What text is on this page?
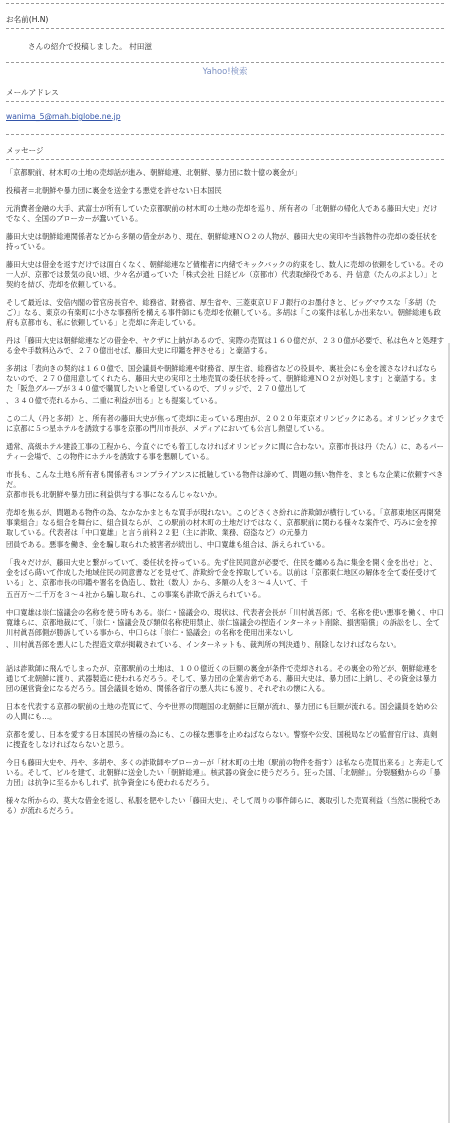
お名前(H.N)
さんの紹介で投稿しました。 村田滋
Yahoo!検索
メールアドレス
wanima_5@mah.biglobe.ne.jp
メッセージ

「京都駅前、材木町の土地の売却話が進み、朝鮮総連、北朝鮮、暴力団に数十億の裏金が」

投稿者＝北朝鮮や暴力団に裏金を送金する悪党を許せない日本国民

元消費者金融の大手、武富士が所有していた京都駅前の材木町の土地の売却を巡り、所有者の「北朝鮮の帰化人である藤田大史」だけでなく、全国のブローカーが蠢いている。

藤田大史は朝鮮総連関係者などから多額の借金があり、現在、朝鮮総連ＮＯ２の人物が、藤田大史の実印や当該物件の売却の委任状を持っている。

藤田大史は借金を返すだけでは面白くなく、朝鮮総連など債権者に内緒でキックバックの約束をし、数人に売却の依頼をしている。その一人が、京都では景気の良い頃、少々名が通っていた「株式会社 日経ビル（京都市）代表取締役である、丹 信意（たんのぶよし）」と契約を結び、売却を依頼している。

そして最近は、安倍内閣の菅官房長官や、総務省、財務省、厚生省や、三菱東京ＵＦＪ銀行のお墨付きと、ビッグマウスな「多胡（たご）」なる、東京の有楽町に小さな事務所を構える事件師にも売却を依頼している。多胡は「この案件は私しか出来ない。朝鮮総連も政府も京都市も、私に依頼している」と売却に奔走している。

丹は「藤田大史は朝鮮総連などの借金や、ヤクザに上納があるので、実際の売買は１６０億だが、２３０億が必要で、私は色々と処理する金や手数料込みで、２７０億出せば、藤田大史に印鑑を押させる」と豪語する。

多胡は「表向きの契約は１６０億で、国会議員や朝鮮総連や財務省、厚生省、総務省などの役員や、裏社会にも金を渡さなければならないので、２７０億用意してくれたら、藤田大史の実印と土地売買の委任状を持って、朝鮮総連ＮＯ２が対処します」と豪語する。また「阪急グループが３４０億で購買したいと希望しているので、ブリッジで、２７０億出して

、３４０億で売れるから、二重に利益が出る」とも提案している。

この二人（丹と多胡）と、所有者の藤田大史が焦って売却に走っている理由が、２０２０年東京オリンピックにある。オリンピックまでに京都に５つ星ホテルを誘致する事を京都の門川市長が、メディアにおいても公言し熱望している。

通常、高級ホテル建設工事の工程から、今直ぐにでも着工しなければオリンピックに間に合わない。京都市長は丹（たん）に、あるパーティー会場で、この物件にホテルを誘致する事を懇願している。

市長も、こんな土地も所有者も関係者もコンプライアンスに抵触している物件は諦めて、問題の無い物件を、まともな企業に依頼すべきだ。

京都市長も北朝鮮や暴力団に利益供与する事になるんじゃないか。

売却を焦るが、問題ある物件の為、なかなかまともな買手が現れない。このどさくさ紛れに詐欺師が横行している。「京都東地区再開発事業組合」なる組合を舞台に、組合員ならが、この駅前の材木町の土地だけではなく、京都駅前に関わる様々な案件で、巧みに金を搾取している。代表者は「中口寛雄」と言う前科２２犯（主に詐欺、業務、窃盗など）の元暴力

団員である。悪事を働き、金を騙し取られた被害者が続出し、中口寛雄も組合は、訴えられている。

「我々だけが、藤田大史と繋がっていて、委任状を持っている。先ず住民同意が必要で、住民を纏める為に集金を開く金を出せ」と、金をばら蒔いて作成した地域住民の同意書などを見せて、詐欺紛で金を搾取している。以前は「京都東仁地区の解体を全て委任受けている」と、京都市長の印鑑や署名を偽造し、数社（数人）から、多額の人を３～４人いて、千

五百万～二千万を３～４社から騙し取られ、この事案も詐欺で訴えられている。

中口寛雄は崇仁協議会の名称を使う時もある。崇仁・協議会の、現状は、代表者会長が「川村眞吾郎」で、名称を使い悪事を働く、中口寛雄らに、京都地裁にて、「崇仁・協議会及び類似名称使用禁止、崇仁協議会の捏造インターネット削除、損害賠償」の訴訟をし、全て川村眞吾郎側が勝訴している事から、中口らは「崇仁・協議会」の名称を使用出来ないし

、川村眞吾郎を悪人にした捏造文章が掲載されている、インターネットも、裁判所の判決通り、削除しなければならない。

話は詐欺師に飛んでしまったが、京都駅前の土地は、１００億近くの巨額の裏金が条件で売却される。その裏金の殆どが、朝鮮総連を通じて北朝鮮に渡り、武器製造に使われるだろう。そして、暴力団の企業舎弟である、藤田大史は、暴力団に上納し、その資金は暴力団の運営資金になるだろう。国会議員を始め、関係各省庁の悪人共にも渡り、それぞれの懐に入る。

日本を代表する京都の駅前の土地の売買にて、今や世界の問題国の北朝鮮に巨額が流れ、暴力団にも巨額が流れる。国会議員を始め公の人間にも…。

京都を愛し、日本を愛する日本国民の皆様の為にも、この様な悪事を止めねばならない。警察や公安、国税局などの監督官庁は、真剣に捜査をしなければならないと思う。

今日も藤田大史や、丹や、多胡や、多くの詐欺師やブローカーが「材木町の土地（駅前の物件を指す）は私なら売買出来る」と奔走している。そして、ビルを建て、北朝鮮に送金したい「朝鮮総連」。核武器の資金に使うだろう。狂った国、「北朝鮮」。分裂騒動からの「暴力団」は抗争に至るかもしれず、抗争資金にも使われるだろう。

様々な所からの、莫大な借金を返し、私服を肥やしたい「藤田大史」、そして周りの事件師らに、裏取引した売買利益（当然に脱税である）が流れるだろう。
